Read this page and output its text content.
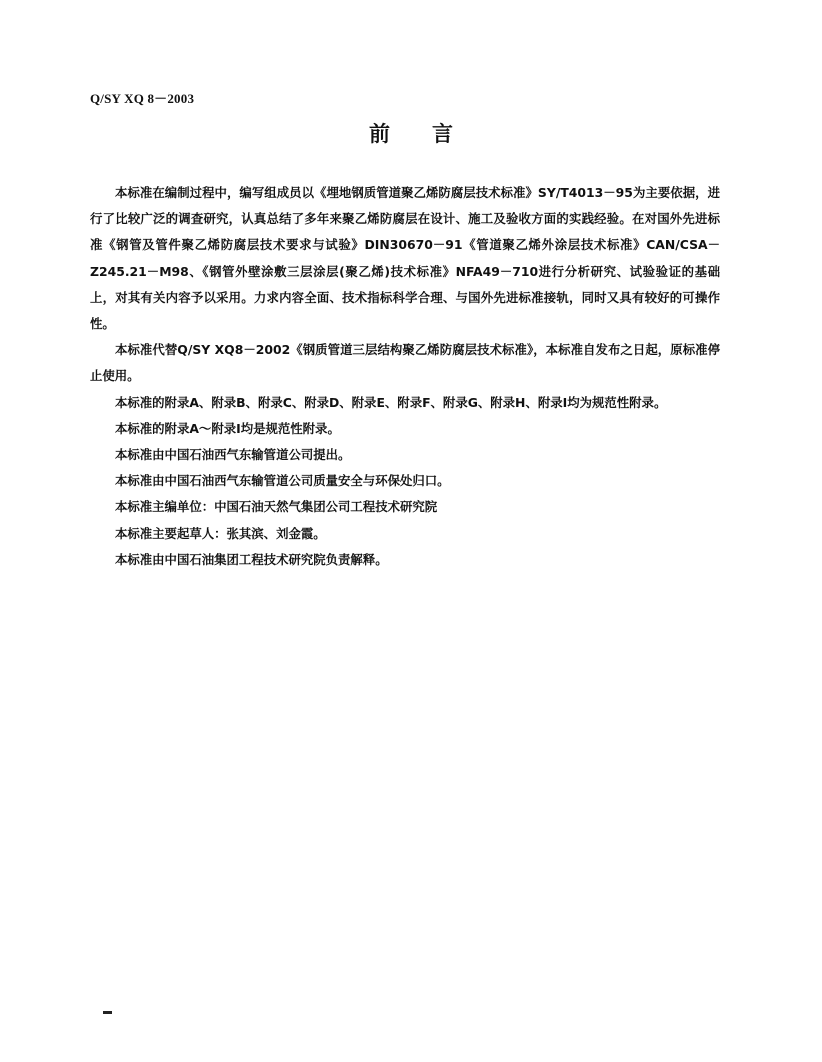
Q/SY XQ 8－2003
前言

本标准在编制过程中，编写组成员以《埋地钢质管道聚乙烯防腐层技术标准》SY/T4013－95为主要依据，进行了比较广泛的调查研究，认真总结了多年来聚乙烯防腐层在设计、施工及验收方面的实践经验。在对国外先进标准《钢管及管件聚乙烯防腐层技术要求与试验》DIN30670－91《管道聚乙烯外涂层技术标准》CAN/CSA－Z245.21－M98、《钢管外壁涂敷三层涂层(聚乙烯)技术标准》NFA49－710进行分析研究、试验验证的基础上，对其有关内容予以采用。力求内容全面、技术指标科学合理、与国外先进标准接轨，同时又具有较好的可操作性。

本标准代替Q/SY XQ8－2002《钢质管道三层结构聚乙烯防腐层技术标准》，本标准自发布之日起，原标准停止使用。

本标准的附录A、附录B、附录C、附录D、附录E、附录F、附录G、附录H、附录I均为规范性附录。

本标准的附录A～附录I均是规范性附录。

本标准由中国石油西气东输管道公司提出。

本标准由中国石油西气东输管道公司质量安全与环保处归口。

本标准主编单位：中国石油天然气集团公司工程技术研究院

本标准主要起草人：张其滨、刘金霞。

本标准由中国石油集团工程技术研究院负责解释。
